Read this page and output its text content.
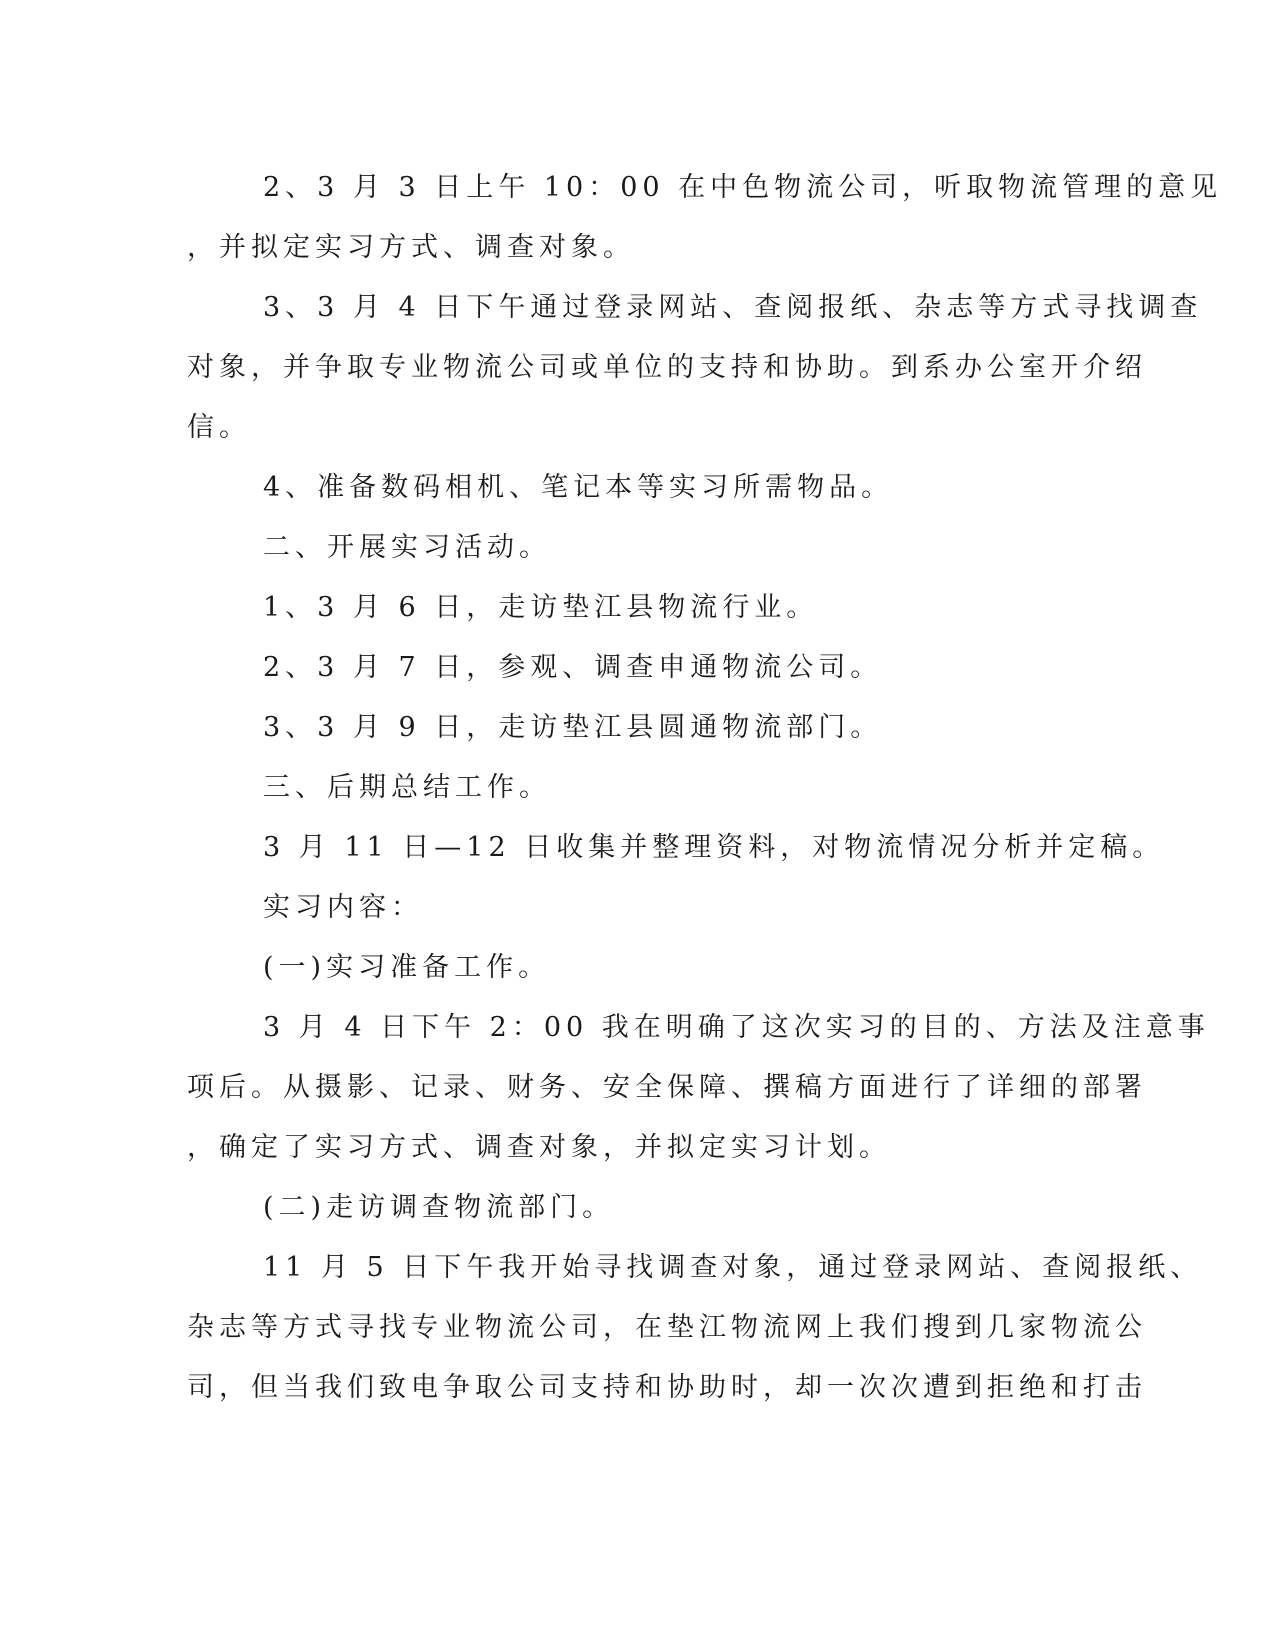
2、3 月 3 日上午 10：00 在中色物流公司，听取物流管理的意见
，并拟定实习方式、调查对象。
3、3 月 4 日下午通过登录网站、查阅报纸、杂志等方式寻找调查
对象，并争取专业物流公司或单位的支持和协助。到系办公室开介绍
信。
4、准备数码相机、笔记本等实习所需物品。
二、开展实习活动。
1、3 月 6 日，走访垫江县物流行业。
2、3 月 7 日，参观、调查申通物流公司。
3、3 月 9 日，走访垫江县圆通物流部门。
三、后期总结工作。
3 月 11 日—12 日收集并整理资料，对物流情况分析并定稿。
实习内容：
(一)实习准备工作。
3 月 4 日下午 2：00 我在明确了这次实习的目的、方法及注意事
项后。从摄影、记录、财务、安全保障、撰稿方面进行了详细的部署
，确定了实习方式、调查对象，并拟定实习计划。
(二)走访调查物流部门。
11 月 5 日下午我开始寻找调查对象，通过登录网站、查阅报纸、
杂志等方式寻找专业物流公司，在垫江物流网上我们搜到几家物流公
司，但当我们致电争取公司支持和协助时，却一次次遭到拒绝和打击
